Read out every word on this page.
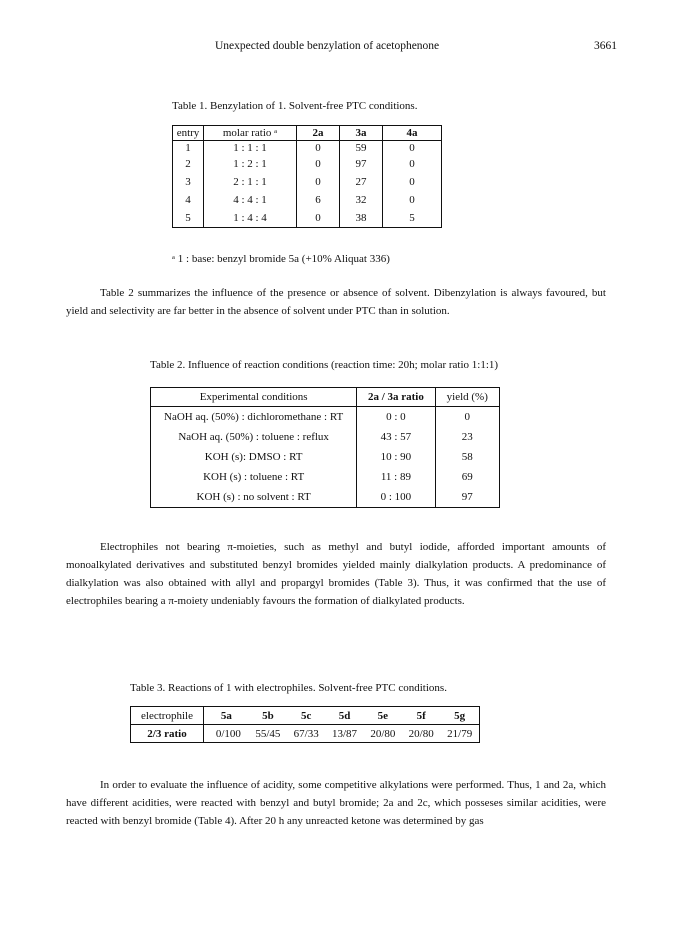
Unexpected double benzylation of acetophenone	3661
Table 1. Benzylation of 1. Solvent-free PTC conditions.
entry	molar ratio ᵃ	2a	3a	4a
1	1 : 1 : 1	0	59	0
2	1 : 2 : 1	0	97	0
3	2 : 1 : 1	0	27	0
4	4 : 4 : 1	6	32	0
5	1 : 4 : 4	0	38	5
ᵃ 1 : base: benzyl bromide 5a (+10% Aliquat 336)
Table 2 summarizes the influence of the presence or absence of solvent. Dibenzylation is always favoured, but yield and selectivity are far better in the absence of solvent under PTC than in solution.
Table 2. Influence of reaction conditions (reaction time: 20h; molar ratio 1:1:1)
Experimental conditions	2a / 3a ratio	yield (%)
NaOH aq. (50%) : dichloromethane : RT	0 : 0	0
NaOH aq. (50%) : toluene : reflux	43 : 57	23
KOH (s): DMSO : RT	10 : 90	58
KOH (s) : toluene : RT	11 : 89	69
KOH (s) : no solvent : RT	0 : 100	97
Electrophiles not bearing π-moieties, such as methyl and butyl iodide, afforded important amounts of monoalkylated derivatives and substituted benzyl bromides yielded mainly dialkylation products. A predominance of dialkylation was also obtained with allyl and propargyl bromides (Table 3). Thus, it was confirmed that the use of electrophiles bearing a π-moiety undeniably favours the formation of dialkylated products.
Table 3. Reactions of 1 with electrophiles. Solvent-free PTC conditions.
electrophile	5a	5b	5c	5d	5e	5f	5g
2/3 ratio	0/100	55/45	67/33	13/87	20/80	20/80	21/79
In order to evaluate the influence of acidity, some competitive alkylations were performed. Thus, 1 and 2a, which have different acidities, were reacted with benzyl and butyl bromide; 2a and 2c, which posseses similar acidities, were reacted with benzyl bromide (Table 4). After 20 h any unreacted ketone was determined by gas
